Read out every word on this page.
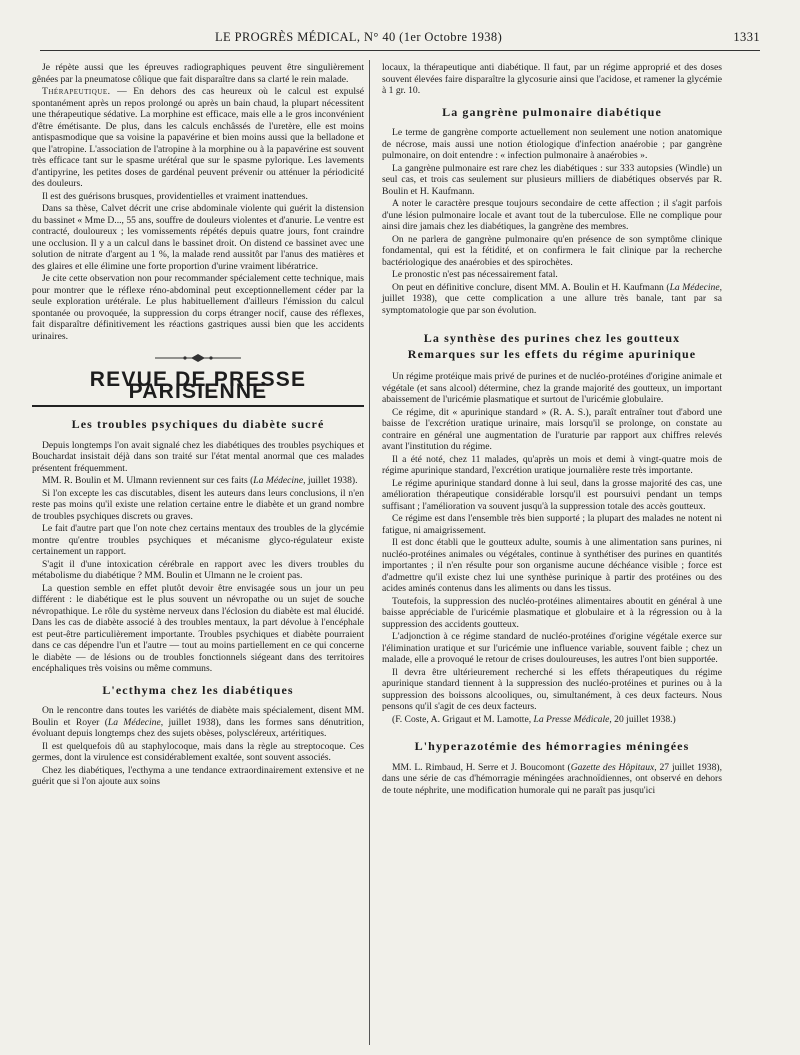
LE PROGRÈS MÉDICAL, N° 40 (1er Octobre 1938)	1331

Je répète aussi que les épreuves radiographiques peuvent être singulièrement gênées par la pneumatose côlique que fait disparaître dans sa clarté le rein malade.

Thérapeutique. — En dehors des cas heureux où le calcul est expulsé spontanément après un repos prolongé ou après un bain chaud, la plupart nécessitent une thérapeutique sédative. La morphine est efficace, mais elle a le gros inconvénient d'être émétisante. De plus, dans les calculs enchâssés de l'uretère, elle est moins antispasmodique que sa voisine la papavérine et bien moins aussi que la belladone et que l'atropine. L'association de l'atropine à la morphine ou à la papavérine est souvent très efficace tant sur le spasme urétéral que sur le spasme pylorique. Les lavements d'antipyrine, les petites doses de gardénal peuvent prévenir ou atténuer la périodicité des douleurs.

Il est des guérisons brusques, providentielles et vraiment inattendues.

Dans sa thèse, Calvet décrit une crise abdominale violente qui guérit la distension du bassinet « Mme D..., 55 ans, souffre de douleurs violentes et d'anurie. Le ventre est contracté, douloureux ; les vomissements répétés depuis quatre jours, font craindre une occlusion. Il y a un calcul dans le bassinet droit. On distend ce bassinet avec une solution de nitrate d'argent au 1 %, la malade rend aussitôt par l'anus des matières et des glaires et elle élimine une forte proportion d'urine vraiment libératrice.

Je cite cette observation non pour recommander spécialement cette technique, mais pour montrer que le réflexe réno-abdominal peut exceptionnellement céder par la seule exploration urétérale. Le plus habituellement d'ailleurs l'émission du calcul spontanée ou provoquée, la suppression du corps étranger nocif, cause des réflexes, fait disparaître définitivement les réactions gastriques aussi bien que les accidents urinaires.

REVUE DE PRESSE PARISIENNE
Les troubles psychiques du diabète sucré

Depuis longtemps l'on avait signalé chez les diabétiques des troubles psychiques et Bouchardat insistait déjà dans son traité sur l'état mental anormal que ces malades présentent fréquemment.

MM. R. Boulin et M. Ulmann reviennent sur ces faits (La Médecine, juillet 1938).

Si l'on excepte les cas discutables, disent les auteurs dans leurs conclusions, il n'en reste pas moins qu'il existe une relation certaine entre le diabète et un grand nombre de troubles psychiques discrets ou graves.

Le fait d'autre part que l'on note chez certains mentaux des troubles de la glycémie montre qu'entre troubles psychiques et mécanisme glyco-régulateur existe certainement un rapport.

S'agit il d'une intoxication cérébrale en rapport avec les divers troubles du métabolisme du diabétique ? MM. Boulin et Ulmann ne le croient pas.

La question semble en effet plutôt devoir être envisagée sous un jour un peu différent : le diabétique est le plus souvent un névropathe ou un sujet de souche névropathique. Le rôle du système nerveux dans l'éclosion du diabète est mal élucidé. Dans les cas de diabète associé à des troubles mentaux, la part dévolue à l'encéphale est peut-être particulièrement importante. Troubles psychiques et diabète pourraient dans ce cas dépendre l'un et l'autre — tout au moins partiellement en ce qui concerne le diabète — de lésions ou de troubles fonctionnels siégeant dans des territoires encéphaliques très voisins ou même communs.

L'ecthyma chez les diabétiques

On le rencontre dans toutes les variétés de diabète mais spécialement, disent MM. Boulin et Royer (La Médecine, juillet 1938), dans les formes sans dénutrition, évoluant depuis longtemps chez des sujets obèses, polyscléreux, artéritiques.

Il est quelquefois dû au staphylocoque, mais dans la règle au streptocoque. Ces germes, dont la virulence est considérablement exaltée, sont souvent associés.

Chez les diabétiques, l'ecthyma a une tendance extraordinairement extensive et ne guérit que si l'on ajoute aux soins

locaux, la thérapeutique anti diabétique. Il faut, par un régime approprié et des doses souvent élevées faire disparaître la glycosurie ainsi que l'acidose, et ramener la glycémie à 1 gr. 10.

La gangrène pulmonaire diabétique

Le terme de gangrène comporte actuellement non seulement une notion anatomique de nécrose, mais aussi une notion étiologique d'infection anaérobie ; par gangrène pulmonaire, on doit entendre : « infection pulmonaire à anaérobies ».

La gangrène pulmonaire est rare chez les diabétiques : sur 333 autopsies (Windle) un seul cas, et trois cas seulement sur plusieurs milliers de diabétiques observés par R. Boulin et H. Kaufmann.

A noter le caractère presque toujours secondaire de cette affection ; il s'agit parfois d'une lésion pulmonaire locale et avant tout de la tuberculose. Elle ne complique pour ainsi dire jamais chez les diabétiques, la gangrène des membres.

On ne parlera de gangrène pulmonaire qu'en présence de son symptôme clinique fondamental, qui est la fétidité, et on confirmera le fait clinique par la recherche bactériologique des anaérobies et des spirochètes.

Le pronostic n'est pas nécessairement fatal.

On peut en définitive conclure, disent MM. A. Boulin et H. Kaufmann (La Médecine, juillet 1938), que cette complication a une allure très banale, tant par sa symptomatologie que par son évolution.

La synthèse des purines chez les goutteux
Remarques sur les effets du régime apurinique

Un régime protéique mais privé de purines et de nucléo-protéines d'origine animale et végétale (et sans alcool) détermine, chez la grande majorité des goutteux, un important abaissement de l'uricémie plasmatique et surtout de l'uricémie globulaire.

Ce régime, dit « apurinique standard » (R. A. S.), paraît entraîner tout d'abord une baisse de l'excrétion uratique urinaire, mais lorsqu'il se prolonge, on constate au contraire en général une augmentation de l'uraturie par rapport aux chiffres relevés avant l'institution du régime.

Il a été noté, chez 11 malades, qu'après un mois et demi à vingt-quatre mois de régime apurinique standard, l'excrétion uratique journalière reste très importante.

Le régime apurinique standard donne à lui seul, dans la grosse majorité des cas, une amélioration thérapeutique considérable lorsqu'il est poursuivi pendant un temps suffisant ; l'amélioration va souvent jusqu'à la suppression totale des accès goutteux.

Ce régime est dans l'ensemble très bien supporté ; la plupart des malades ne notent ni fatigue, ni amaigrissement.

Il est donc établi que le goutteux adulte, soumis à une alimentation sans purines, ni nucléo-protéines animales ou végétales, continue à synthétiser des purines en quantités importantes ; il n'en résulte pour son organisme aucune déchéance visible ; force est d'admettre qu'il existe chez lui une synthèse purinique à partir des protéines ou des acides aminés contenus dans les aliments ou dans les tissus.

Toutefois, la suppression des nucléo-protéines alimentaires aboutit en général à une baisse appréciable de l'uricémie plasmatique et globulaire et à la régression ou à la suppression des accidents goutteux.

L'adjonction à ce régime standard de nucléo-protéines d'origine végétale exerce sur l'élimination uratique et sur l'uricémie une influence variable, souvent faible ; chez un malade, elle a provoqué le retour de crises douloureuses, les autres l'ont bien supportée.

Il devra être ultérieurement recherché si les effets thérapeutiques du régime apurinique standard tiennent à la suppression des nucléo-protéines et purines ou à la suppression des boissons alcooliques, ou, simultanément, à ces deux facteurs. Nous pensons qu'il s'agit de ces deux facteurs.

(F. Coste, A. Grigaut et M. Lamotte, La Presse Médicale, 20 juillet 1938.)

L'hyperazotémie des hémorragies méningées

MM. L. Rimbaud, H. Serre et J. Boucomont (Gazette des Hôpitaux, 27 juillet 1938), dans une série de cas d'hémorragie méningées arachnoïdiennes, ont observé en dehors de toute néphrite, une modification humorale qui ne paraît pas jusqu'ici
